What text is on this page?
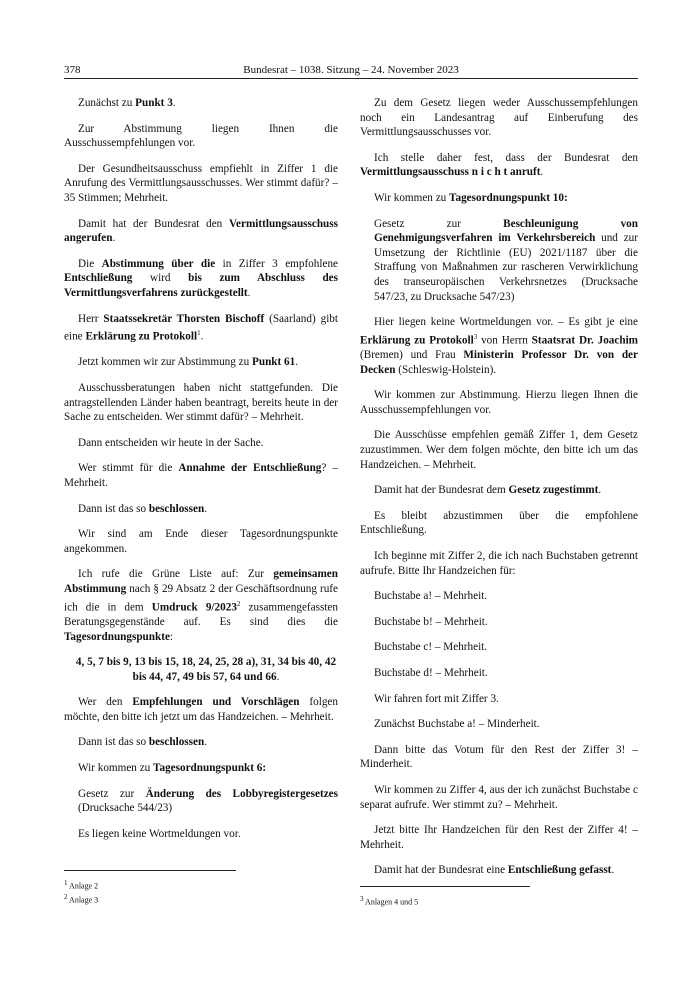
378	Bundesrat – 1038. Sitzung – 24. November 2023

Zunächst zu Punkt 3.

Zur Abstimmung liegen Ihnen die Ausschussempfehlungen vor.

Der Gesundheitsausschuss empfiehlt in Ziffer 1 die Anrufung des Vermittlungsausschusses. Wer stimmt dafür? – 35 Stimmen; Mehrheit.

Damit hat der Bundesrat den Vermittlungsausschuss angerufen.

Die Abstimmung über die in Ziffer 3 empfohlene Entschließung wird bis zum Abschluss des Vermittlungsverfahrens zurückgestellt.

Herr Staatssekretär Thorsten Bischoff (Saarland) gibt eine Erklärung zu Protokoll$^1$.

Jetzt kommen wir zur Abstimmung zu Punkt 61.

Ausschussberatungen haben nicht stattgefunden. Die antragstellenden Länder haben beantragt, bereits heute in der Sache zu entscheiden. Wer stimmt dafür? – Mehrheit.

Dann entscheiden wir heute in der Sache.

Wer stimmt für die Annahme der Entschließung? – Mehrheit.

Dann ist das so beschlossen.

Wir sind am Ende dieser Tagesordnungspunkte angekommen.

Ich rufe die Grüne Liste auf: Zur gemeinsamen Abstimmung nach § 29 Absatz 2 der Geschäftsordnung rufe ich die in dem Umdruck 9/2023$^2$ zusammengefassten Beratungsgegenstände auf. Es sind dies die Tagesordnungspunkte:

4, 5, 7 bis 9, 13 bis 15, 18, 24, 25, 28 a), 31, 34 bis 40, 42 bis 44, 47, 49 bis 57, 64 und 66.

Wer den Empfehlungen und Vorschlägen folgen möchte, den bitte ich jetzt um das Handzeichen. – Mehrheit.

Dann ist das so beschlossen.

Wir kommen zu Tagesordnungspunkt 6:

Gesetz zur Änderung des Lobbyregistergesetzes (Drucksache 544/23)

Es liegen keine Wortmeldungen vor.

Zu dem Gesetz liegen weder Ausschussempfehlungen noch ein Landesantrag auf Einberufung des Vermittlungsausschusses vor.

Ich stelle daher fest, dass der Bundesrat den Vermittlungsausschuss n i c h t anruft.

Wir kommen zu Tagesordnungspunkt 10:

Gesetz zur Beschleunigung von Genehmigungsverfahren im Verkehrsbereich und zur Umsetzung der Richtlinie (EU) 2021/1187 über die Straffung von Maßnahmen zur rascheren Verwirklichung des transeuropäischen Verkehrsnetzes (Drucksache 547/23, zu Drucksache 547/23)

Hier liegen keine Wortmeldungen vor. – Es gibt je eine Erklärung zu Protokoll$^3$ von Herrn Staatsrat Dr. Joachim (Bremen) und Frau Ministerin Professor Dr. von der Decken (Schleswig-Holstein).

Wir kommen zur Abstimmung. Hierzu liegen Ihnen die Ausschussempfehlungen vor.

Die Ausschüsse empfehlen gemäß Ziffer 1, dem Gesetz zuzustimmen. Wer dem folgen möchte, den bitte ich um das Handzeichen. – Mehrheit.

Damit hat der Bundesrat dem Gesetz zugestimmt.

Es bleibt abzustimmen über die empfohlene Entschließung.

Ich beginne mit Ziffer 2, die ich nach Buchstaben getrennt aufrufe. Bitte Ihr Handzeichen für:

Buchstabe a! – Mehrheit.

Buchstabe b! – Mehrheit.

Buchstabe c! – Mehrheit.

Buchstabe d! – Mehrheit.

Wir fahren fort mit Ziffer 3.

Zunächst Buchstabe a! – Minderheit.

Dann bitte das Votum für den Rest der Ziffer 3! – Minderheit.

Wir kommen zu Ziffer 4, aus der ich zunächst Buchstabe c separat aufrufe. Wer stimmt zu? – Mehrheit.

Jetzt bitte Ihr Handzeichen für den Rest der Ziffer 4! – Mehrheit.

Damit hat der Bundesrat eine Entschließung gefasst.

$^1$ Anlage 2
$^2$ Anlage 3	$^3$ Anlagen 4 und 5
